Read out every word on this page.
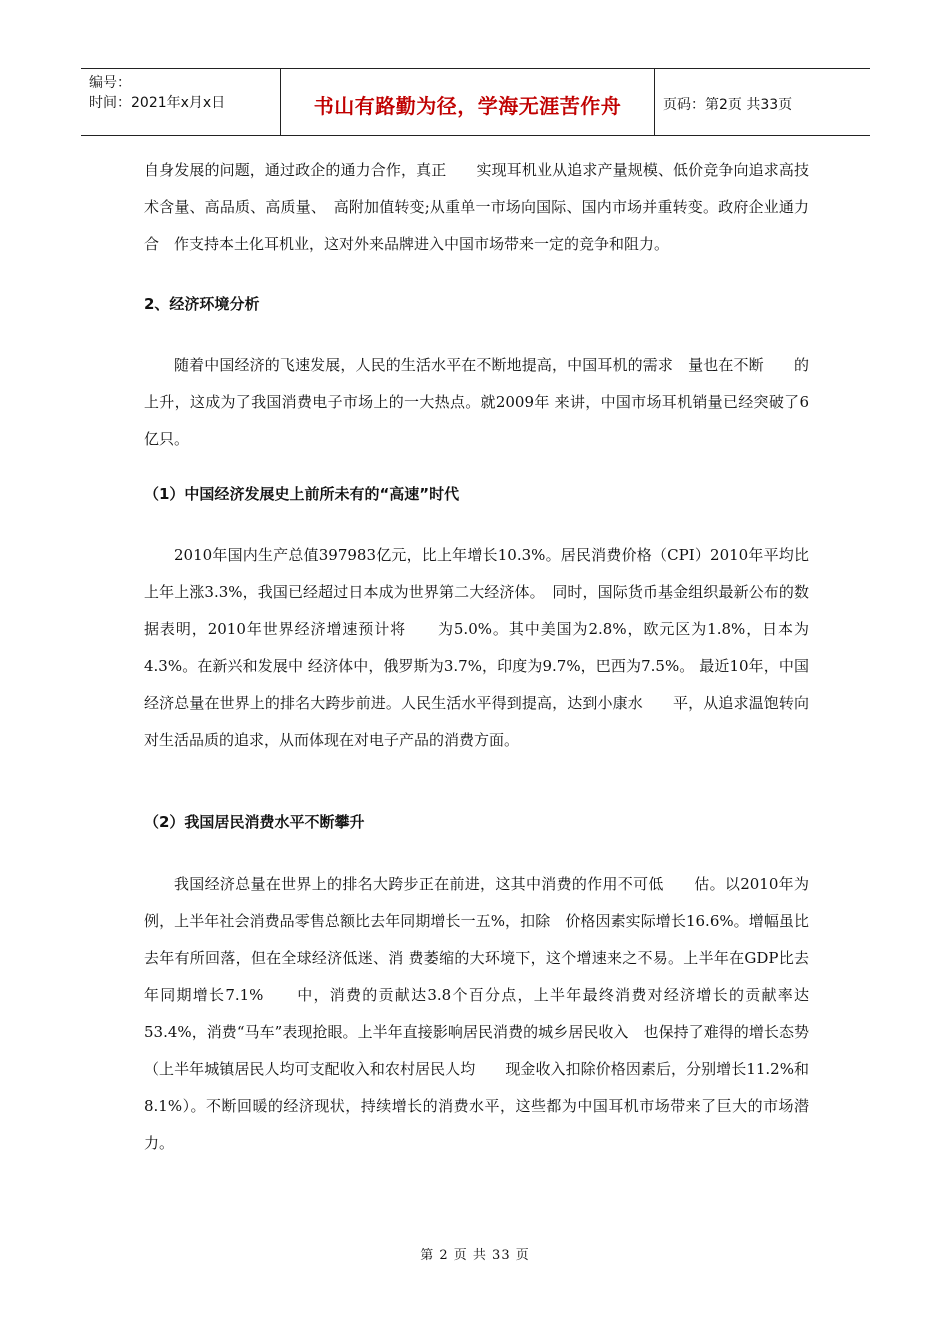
编号：
时间：2021年x月x日	书山有路勤为径，学海无涯苦作舟	页码：第2页 共33页

自身发展的问题，通过政企的通力合作，真正　　实现耳机业从追求产量规模、低价竞争向追求高技术含量、高品质、高质量、　高附加值转变;从重单一市场向国际、国内市场并重转变。政府企业通力合　作支持本土化耳机业，这对外来品牌进入中国市场带来一定的竞争和阻力。

2、经济环境分析

随着中国经济的飞速发展，人民的生活水平在不断地提高，中国耳机的需求　量也在不断　　的上升，这成为了我国消费电子市场上的一大热点。就2009年 来讲，中国市场耳机销量已经突破了6亿只。

（1）中国经济发展史上前所未有的“高速”时代

2010年国内生产总值397983亿元，比上年增长10.3%。居民消费价格（CPI）2010年平均比上年上涨3.3%，我国已经超过日本成为世界第二大经济体。　同时，国际货币基金组织最新公布的数据表明，2010年世界经济增速预计将　　为5.0%。其中美国为2.8%，欧元区为1.8%，日本为4.3%。在新兴和发展中 经济体中，俄罗斯为3.7%，印度为9.7%，巴西为7.5%。 最近10年，中国　经济总量在世界上的排名大跨步前进。人民生活水平得到提高，达到小康水　　平，从追求温饱转向对生活品质的追求，从而体现在对电子产品的消费方面。

（2）我国居民消费水平不断攀升

我国经济总量在世界上的排名大跨步正在前进，这其中消费的作用不可低　　估。以2010年为例，上半年社会消费品零售总额比去年同期增长一五%，扣除　价格因素实际增长16.6%。增幅虽比去年有所回落，但在全球经济低迷、消 费萎缩的大环境下，这个增速来之不易。上半年在GDP比去年同期增长7.1%　　中，消费的贡献达3.8个百分点，上半年最终消费对经济增长的贡献率达　53.4%，消费“马车”表现抢眼。上半年直接影响居民消费的城乡居民收入　也保持了难得的增长态势（上半年城镇居民人均可支配收入和农村居民人均　　现金收入扣除价格因素后，分别增长11.2%和8.1%）。不断回暖的经济现状，持续增长的消费水平，这些都为中国耳机市场带来了巨大的市场潜力。

第 2 页 共 33 页
